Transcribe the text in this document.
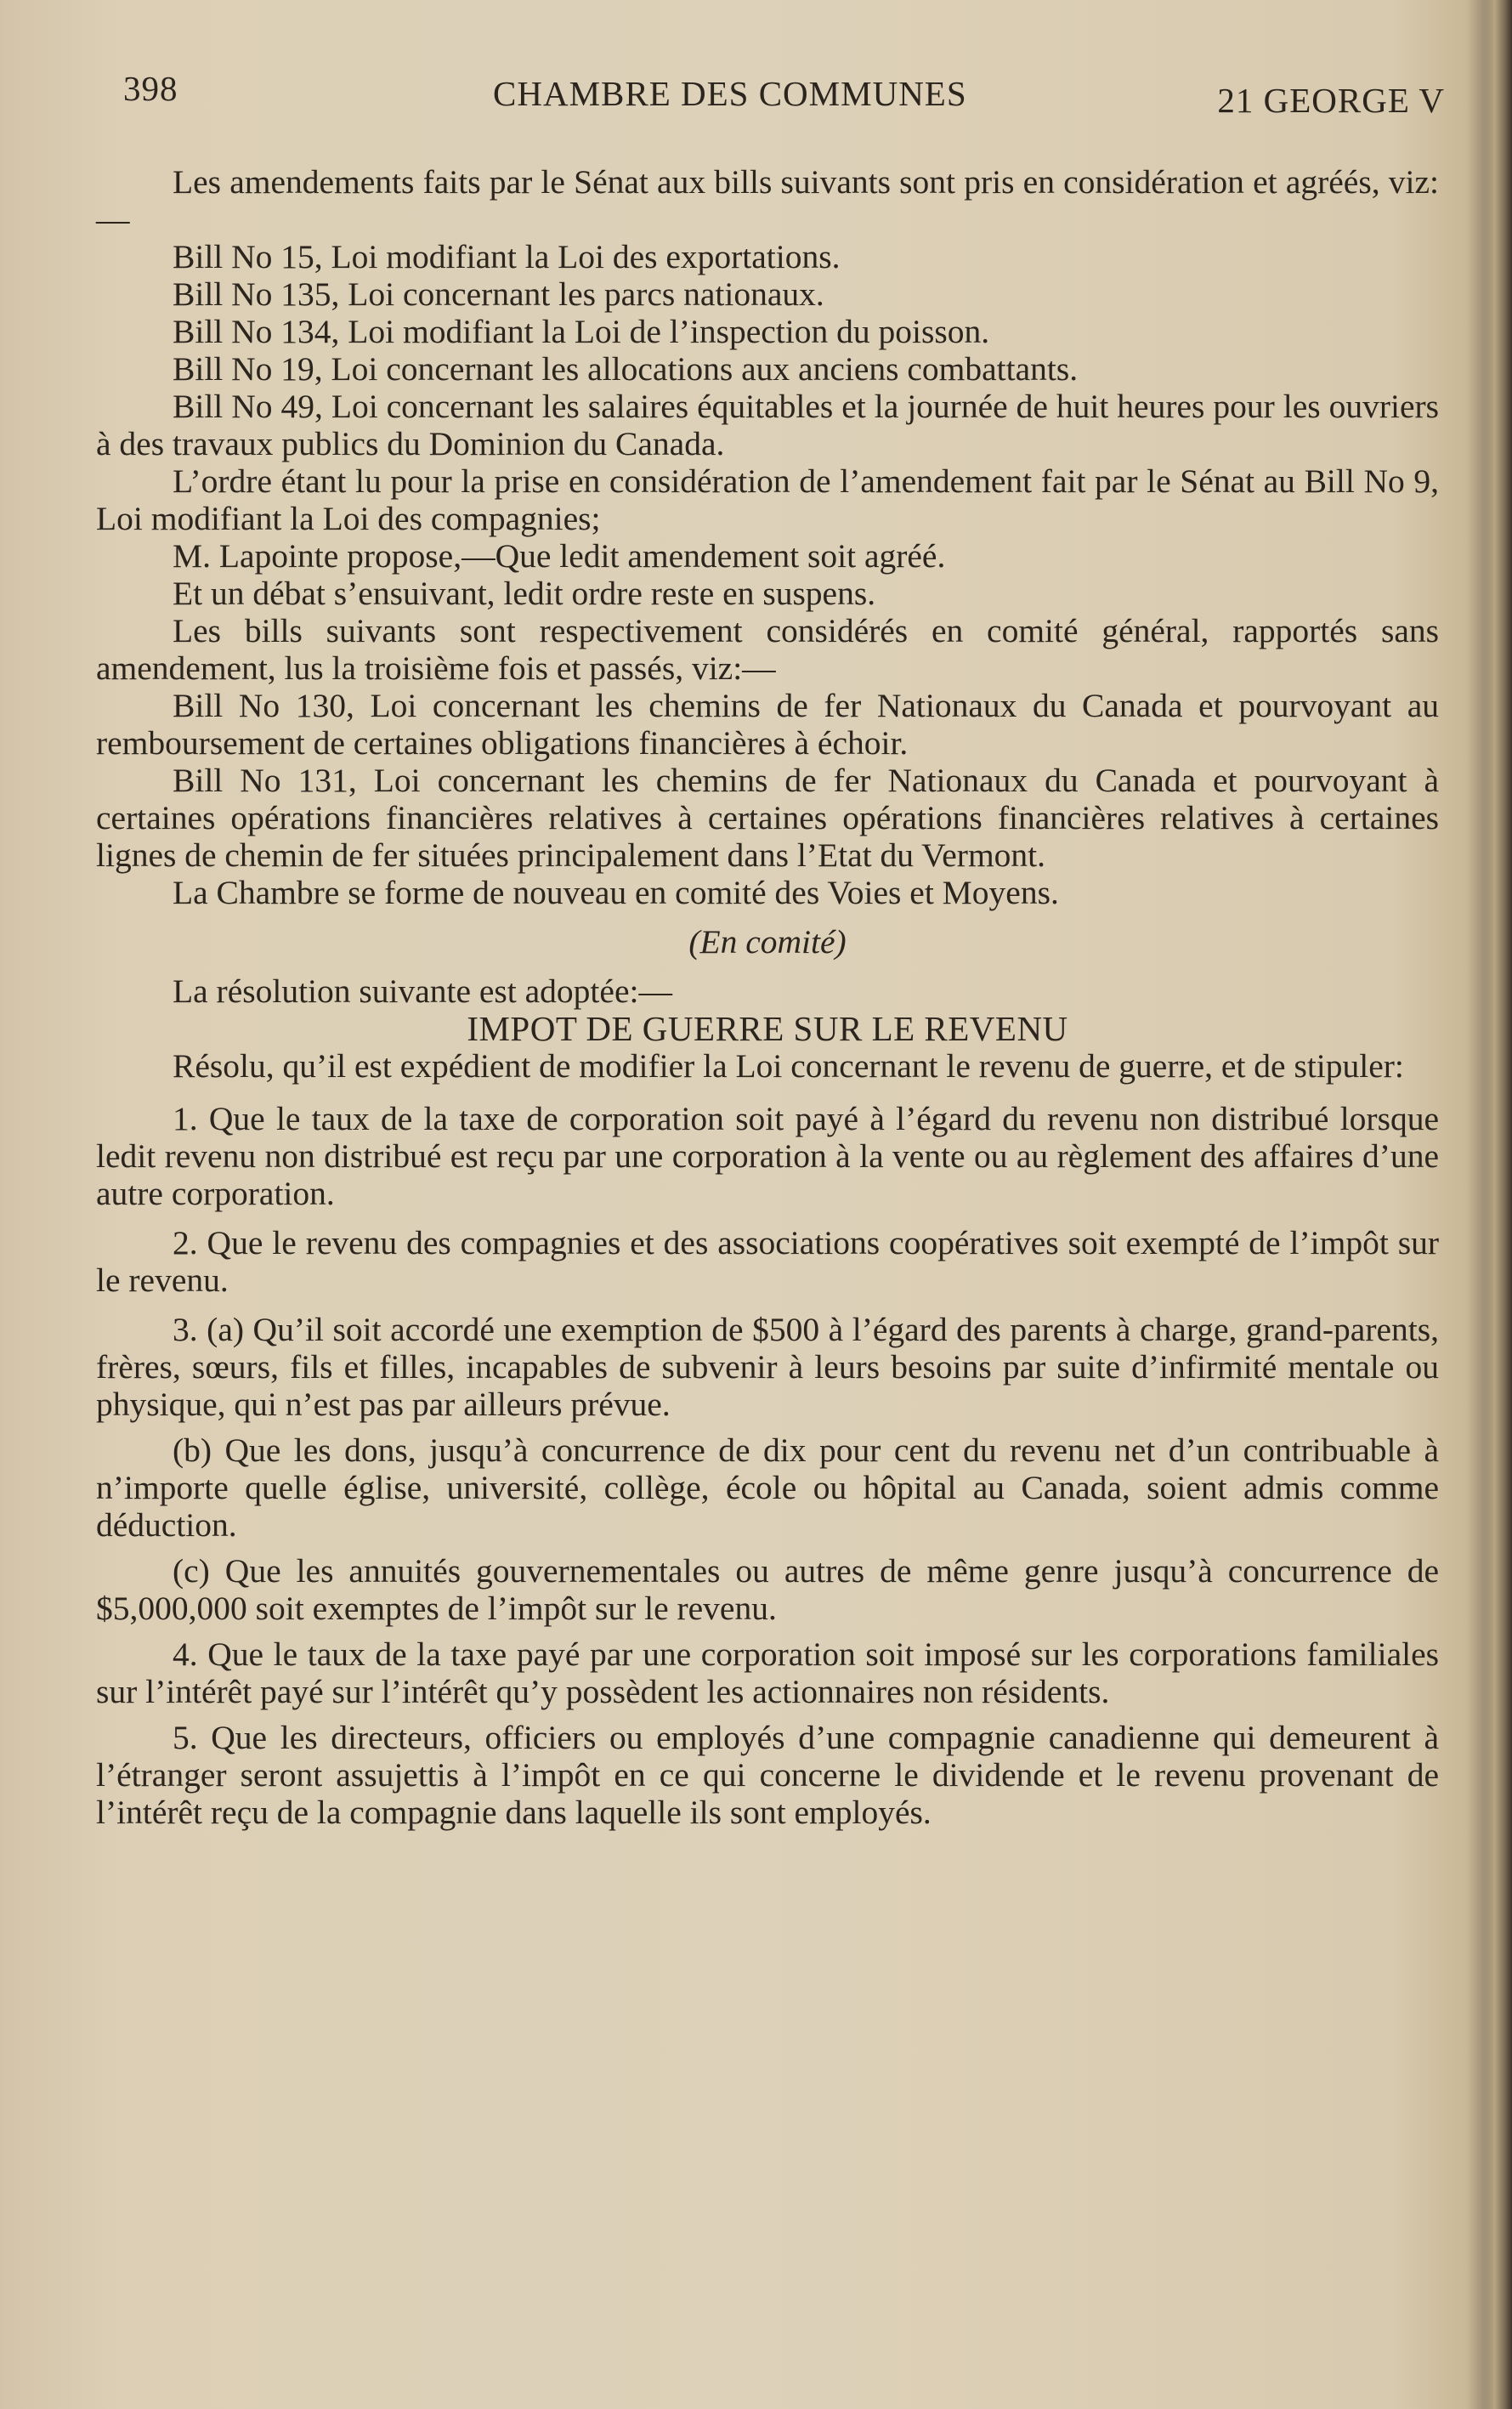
398	CHAMBRE DES COMMUNES	21 GEORGE V

Les amendements faits par le Sénat aux bills suivants sont pris en considération et agréés, viz:—

Bill No 15, Loi modifiant la Loi des exportations.

Bill No 135, Loi concernant les parcs nationaux.

Bill No 134, Loi modifiant la Loi de l’inspection du poisson.

Bill No 19, Loi concernant les allocations aux anciens combattants.

Bill No 49, Loi concernant les salaires équitables et la journée de huit heures pour les ouvriers à des travaux publics du Dominion du Canada.

L’ordre étant lu pour la prise en considération de l’amendement fait par le Sénat au Bill No 9, Loi modifiant la Loi des compagnies;

M. Lapointe propose,—Que ledit amendement soit agréé.

Et un débat s’ensuivant, ledit ordre reste en suspens.

Les bills suivants sont respectivement considérés en comité général, rapportés sans amendement, lus la troisième fois et passés, viz:—

Bill No 130, Loi concernant les chemins de fer Nationaux du Canada et pourvoyant au remboursement de certaines obligations financières à échoir.

Bill No 131, Loi concernant les chemins de fer Nationaux du Canada et pourvoyant à certaines opérations financières relatives à certaines opérations financières relatives à certaines lignes de chemin de fer situées principalement dans l’Etat du Vermont.

La Chambre se forme de nouveau en comité des Voies et Moyens.

(En comité)

La résolution suivante est adoptée:—

IMPOT DE GUERRE SUR LE REVENU

Résolu, qu’il est expédient de modifier la Loi concernant le revenu de guerre, et de stipuler:

1. Que le taux de la taxe de corporation soit payé à l’égard du revenu non distribué lorsque ledit revenu non distribué est reçu par une corporation à la vente ou au règlement des affaires d’une autre corporation.

2. Que le revenu des compagnies et des associations coopératives soit exempté de l’impôt sur le revenu.

3. (a) Qu’il soit accordé une exemption de $500 à l’égard des parents à charge, grand-parents, frères, sœurs, fils et filles, incapables de subvenir à leurs besoins par suite d’infirmité mentale ou physique, qui n’est pas par ailleurs prévue.

(b) Que les dons, jusqu’à concurrence de dix pour cent du revenu net d’un contribuable à n’importe quelle église, université, collège, école ou hôpital au Canada, soient admis comme déduction.

(c) Que les annuités gouvernementales ou autres de même genre jusqu’à concurrence de $5,000,000 soit exemptes de l’impôt sur le revenu.

4. Que le taux de la taxe payé par une corporation soit imposé sur les corporations familiales sur l’intérêt payé sur l’intérêt qu’y possèdent les actionnaires non résidents.

5. Que les directeurs, officiers ou employés d’une compagnie canadienne qui demeurent à l’étranger seront assujettis à l’impôt en ce qui concerne le dividende et le revenu provenant de l’intérêt reçu de la compagnie dans laquelle ils sont employés.
